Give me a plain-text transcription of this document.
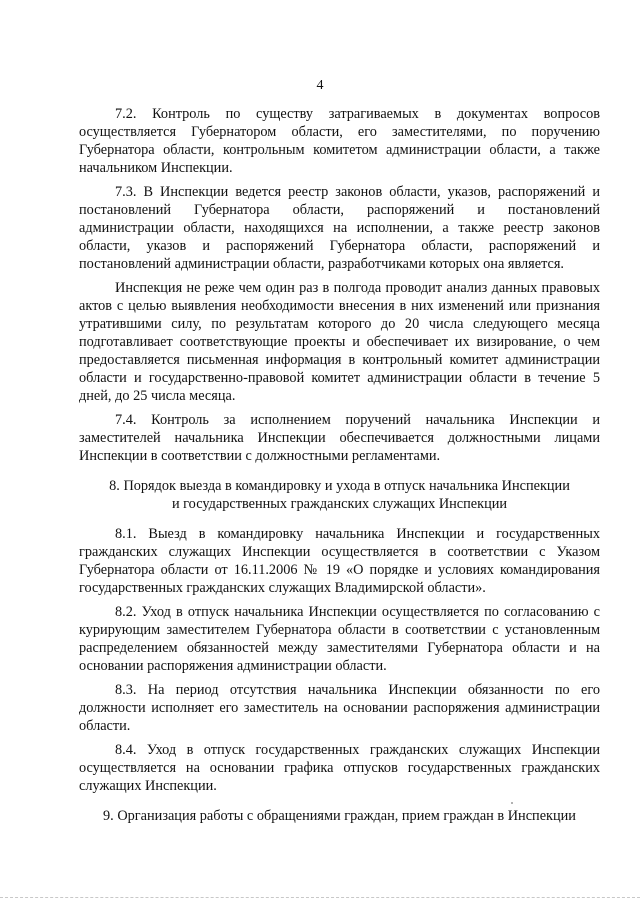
4

7.2. Контроль по существу затрагиваемых в документах вопросов осуществляется Губернатором области, его заместителями, по поручению Губернатора области, контрольным комитетом администрации области, а также начальником Инспекции.

7.3. В Инспекции ведется реестр законов области, указов, распоряжений и постановлений Губернатора области, распоряжений и постановлений администрации области, находящихся на исполнении, а также реестр законов области, указов и распоряжений Губернатора области, распоряжений и постановлений администрации области, разработчиками которых она является.

Инспекция не реже чем один раз в полгода проводит анализ данных правовых актов с целью выявления необходимости внесения в них изменений или признания утратившими силу, по результатам которого до 20 числа следующего месяца подготавливает соответствующие проекты и обеспечивает их визирование, о чем предоставляется письменная информация в контрольный комитет администрации области и государственно-правовой комитет администрации области в течение 5 дней, до 25 числа месяца.

7.4. Контроль за исполнением поручений начальника Инспекции и заместителей начальника Инспекции обеспечивается должностными лицами Инспекции в соответствии с должностными регламентами.

8. Порядок выезда в командировку и ухода в отпуск начальника Инспекции
и государственных гражданских служащих Инспекции

8.1. Выезд в командировку начальника Инспекции и государственных гражданских служащих Инспекции осуществляется в соответствии с Указом Губернатора области от 16.11.2006 № 19 «О порядке и условиях командирования государственных гражданских служащих Владимирской области».

8.2. Уход в отпуск начальника Инспекции осуществляется по согласованию с курирующим заместителем Губернатора области в соответствии с установленным распределением обязанностей между заместителями Губернатора области и на основании распоряжения администрации области.

8.3. На период отсутствия начальника Инспекции обязанности по его должности исполняет его заместитель на основании распоряжения администрации области.

8.4. Уход в отпуск государственных гражданских служащих Инспекции осуществляется на основании графика отпусков государственных гражданских служащих Инспекции.

9. Организация работы с обращениями граждан, прием граждан в Инспекции
